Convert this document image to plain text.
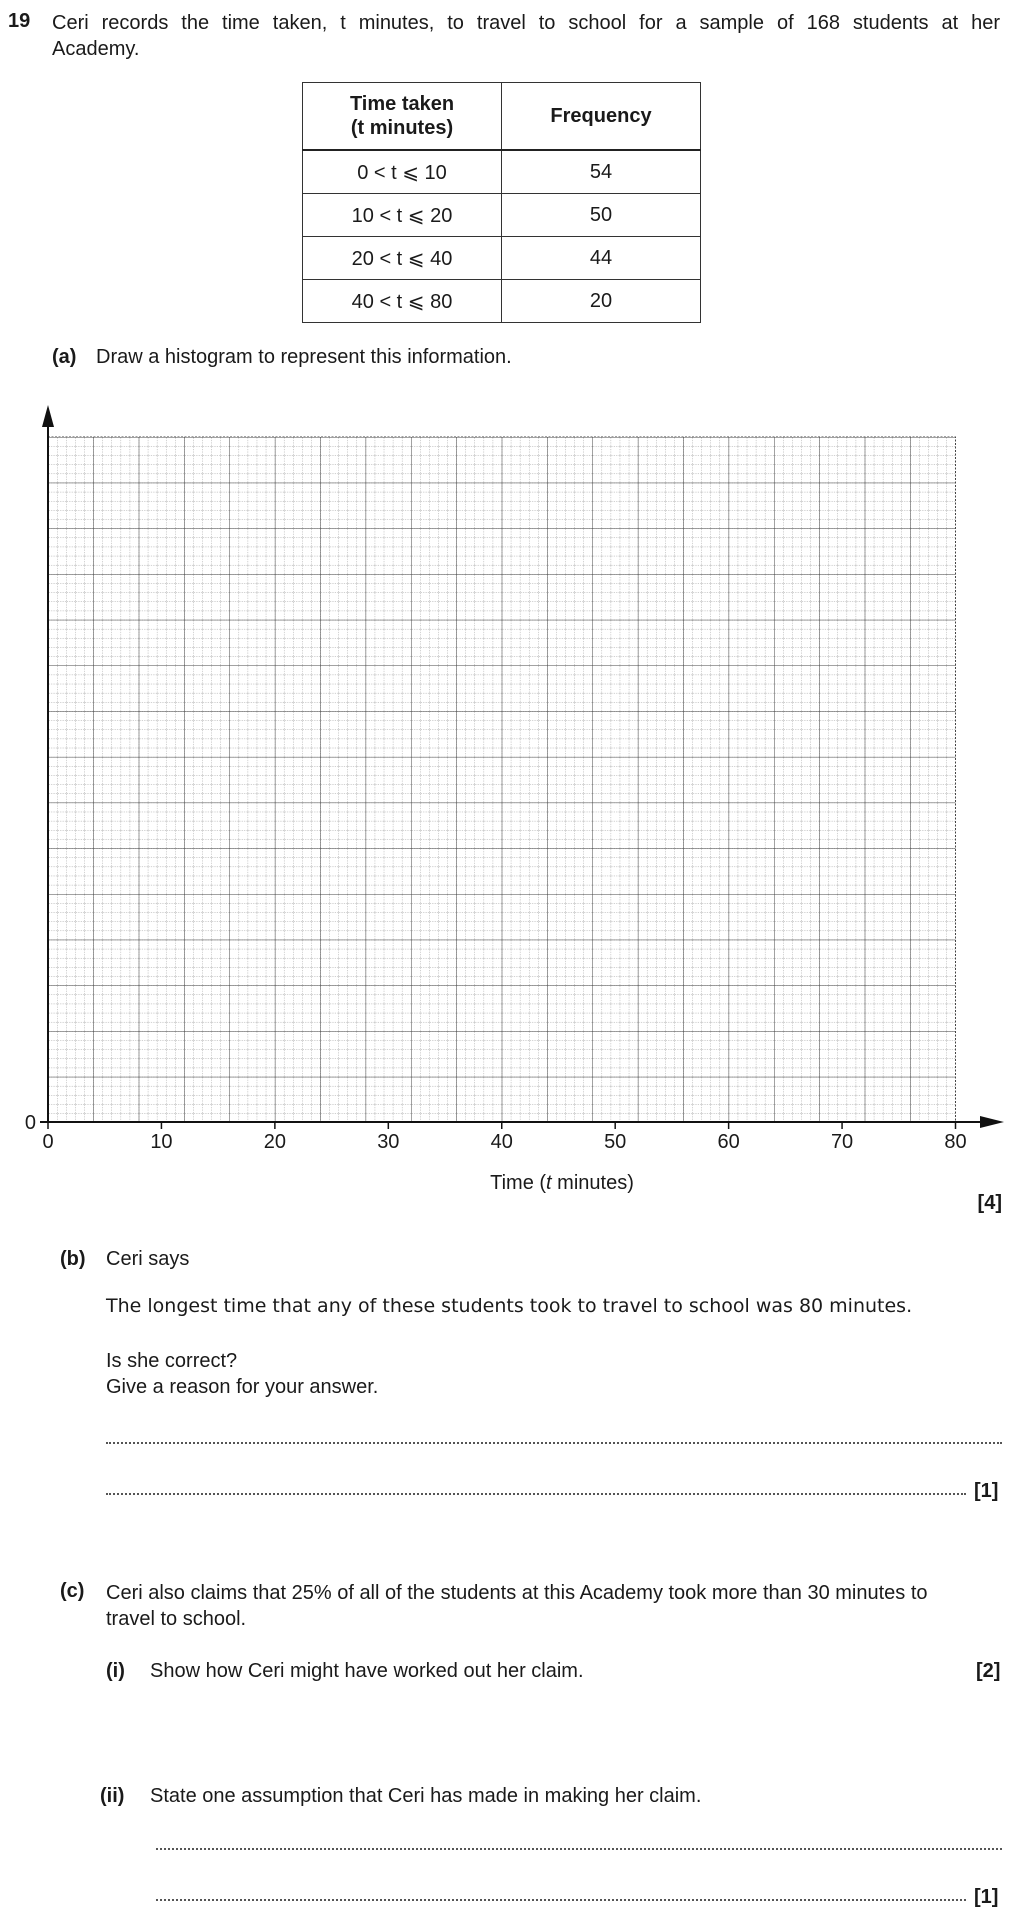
19 Ceri records the time taken, t minutes, to travel to school for a sample of 168 students at her
Academy.
Time taken
(t minutes)	Frequency
0 < t ⩽ 10	54
10 < t ⩽ 20	50
20 < t ⩽ 40	44
40 < t ⩽ 80	20
(a) Draw a histogram to represent this information.
0
0	10	20	30	40	50	60	70	80
Time (t minutes)
[4]
(b) Ceri says
The longest time that any of these students took to travel to school was 80 minutes.
Is she correct?
Give a reason for your answer.
[1]
(c) Ceri also claims that 25% of all of the students at this Academy took more than 30 minutes to
travel to school.
(i) Show how Ceri might have worked out her claim.	[2]
(ii) State one assumption that Ceri has made in making her claim.
[1]
